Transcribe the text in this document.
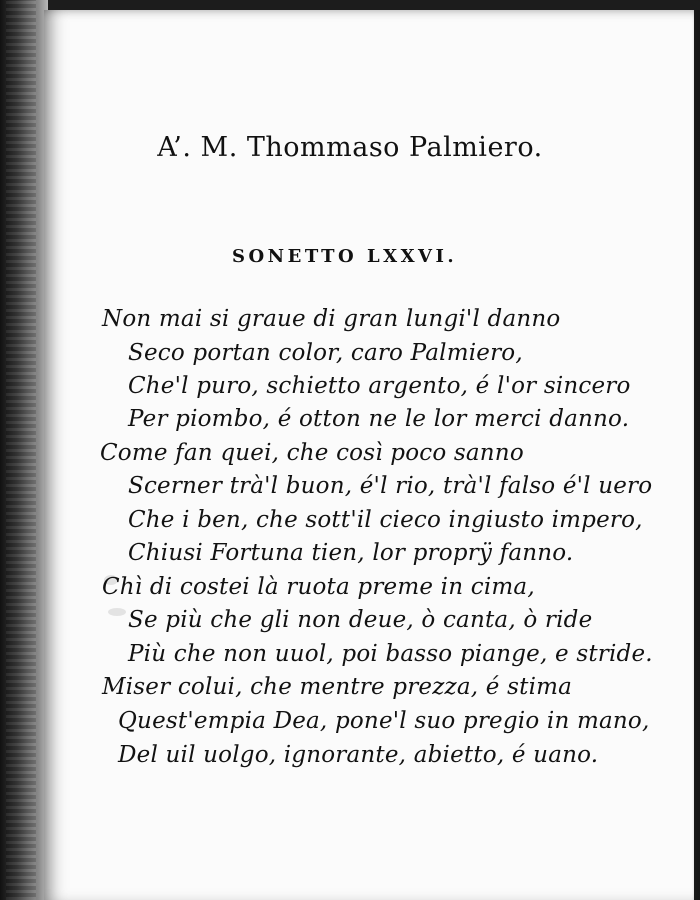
A’. M. Thommaso Palmiero.
SONETTO LXXVI.
Non mai si graue di gran lungi'l danno
Seco portan color, caro Palmiero,
Che'l puro, schietto argento, é l'or sincero
Per piombo, é otton ne le lor merci danno.
Come fan quei, che così poco sanno
Scerner trà'l buon, é'l rio, trà'l falso é'l uero
Che i ben, che sott'il cieco ingiusto impero,
Chiusi Fortuna tien, lor proprÿ fanno.
Chì di costei là ruota preme in cima,
Se più che gli non deue, ò canta, ò ride
Più che non uuol, poi basso piange, e stride.
Miser colui, che mentre prezza, é stima
Quest'empia Dea, pone'l suo pregio in mano,
Del uil uolgo, ignorante, abietto, é uano.
